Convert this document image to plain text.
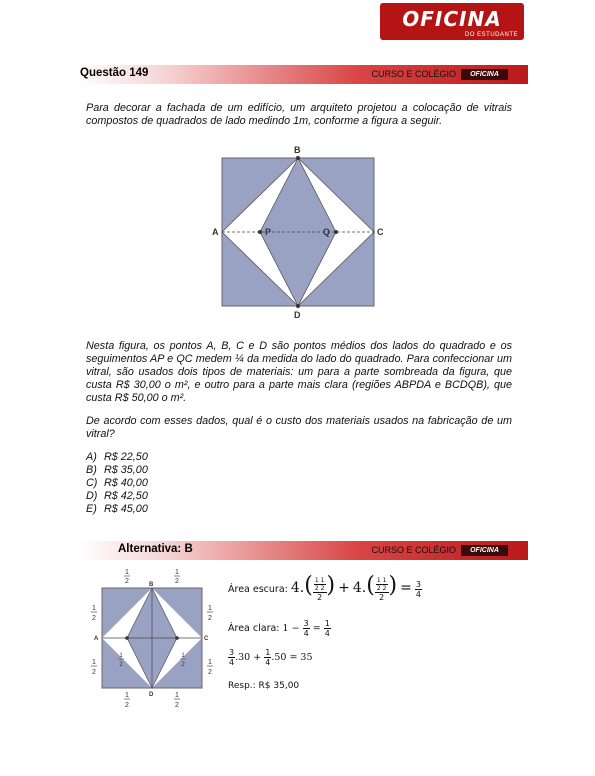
OFICINA
DO ESTUDANTE
Questão 149	CURSO E COLÉGIO	OFICINA

Para decorar a fachada de um edifício, um arquiteto projetou a colocação de vitrais compostos de quadrados de lado medindo 1m, conforme a figura a seguir.

B
D
A	C
P	Q

Nesta figura, os pontos A, B, C e D são pontos médios dos lados do quadrado e os seguimentos AP e QC medem ¼ da medida do lado do quadrado. Para confeccionar um vitral, são usados dois tipos de materiais: um para a parte sombreada da figura, que custa R$ 30,00 o m², e outro para a parte mais clara (regiões ABPDA e BCDQB), que custa R$ 50,00 o m².

De acordo com esses dados, qual é o custo dos materiais usados na fabricação de um vitral?

A) R$ 22,50
B) R$ 35,00
C) R$ 40,00
D) R$ 42,50
E) R$ 45,00
Alternativa: B	CURSO E COLÉGIO	OFICINA
B
D
A	C
1
2
1
2
1
2
1
2
1
2
1
2
1
2
1
2
1
2
1
2
Área escura: $4.( \frac{\frac{1}{2} \frac{1}{2}}{2}$ ) + $4.( \frac{\frac{1}{2} \frac{1}{2}}{2}$ ) = $\frac{3}{4}$
Área clara: $1 - \frac{3}{4} = \frac{1}{4}$
$\frac{3}{4} .30 + \frac{1}{4} .50 = 35$
Resp.: R$ 35,00
